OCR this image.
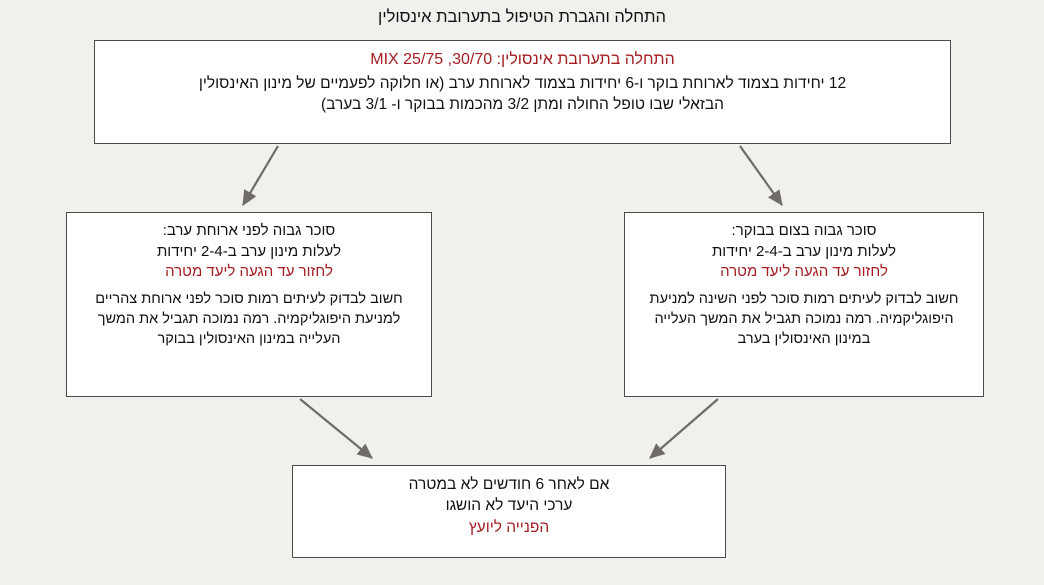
התחלה והגברת הטיפול בתערובת אינסולין
התחלה בתערובת אינסולין: 30/70, MIX 25/75
12 יחידות בצמוד לארוחת בוקר ו-6 יחידות בצמוד לארוחת ערב (או חלוקה לפעמיים של מינון האינסולין
הבזאלי שבו טופל החולה ומתן 3/2 מהכמות בבוקר ו- 3/1 בערב)
סוכר גבוה לפני ארוחת ערב:
לעלות מינון ערב ב-2-4 יחידות
לחזור עד הגעה ליעד מטרה
חשוב לבדוק לעיתים רמות סוכר לפני ארוחת צהריים למניעת היפוגליקמיה. רמה נמוכה תגביל את המשך העלייה במינון האינסולין בבוקר
סוכר גבוה בצום בבוקר:
לעלות מינון ערב ב-2-4 יחידות
לחזור עד הגעה ליעד מטרה
חשוב לבדוק לעיתים רמות סוכר לפני השינה למניעת היפוגליקמיה. רמה נמוכה תגביל את המשך העלייה במינון האינסולין בערב
אם לאחר 6 חודשים לא במטרה
ערכי היעד לא הושגו
הפנייה ליועץ
